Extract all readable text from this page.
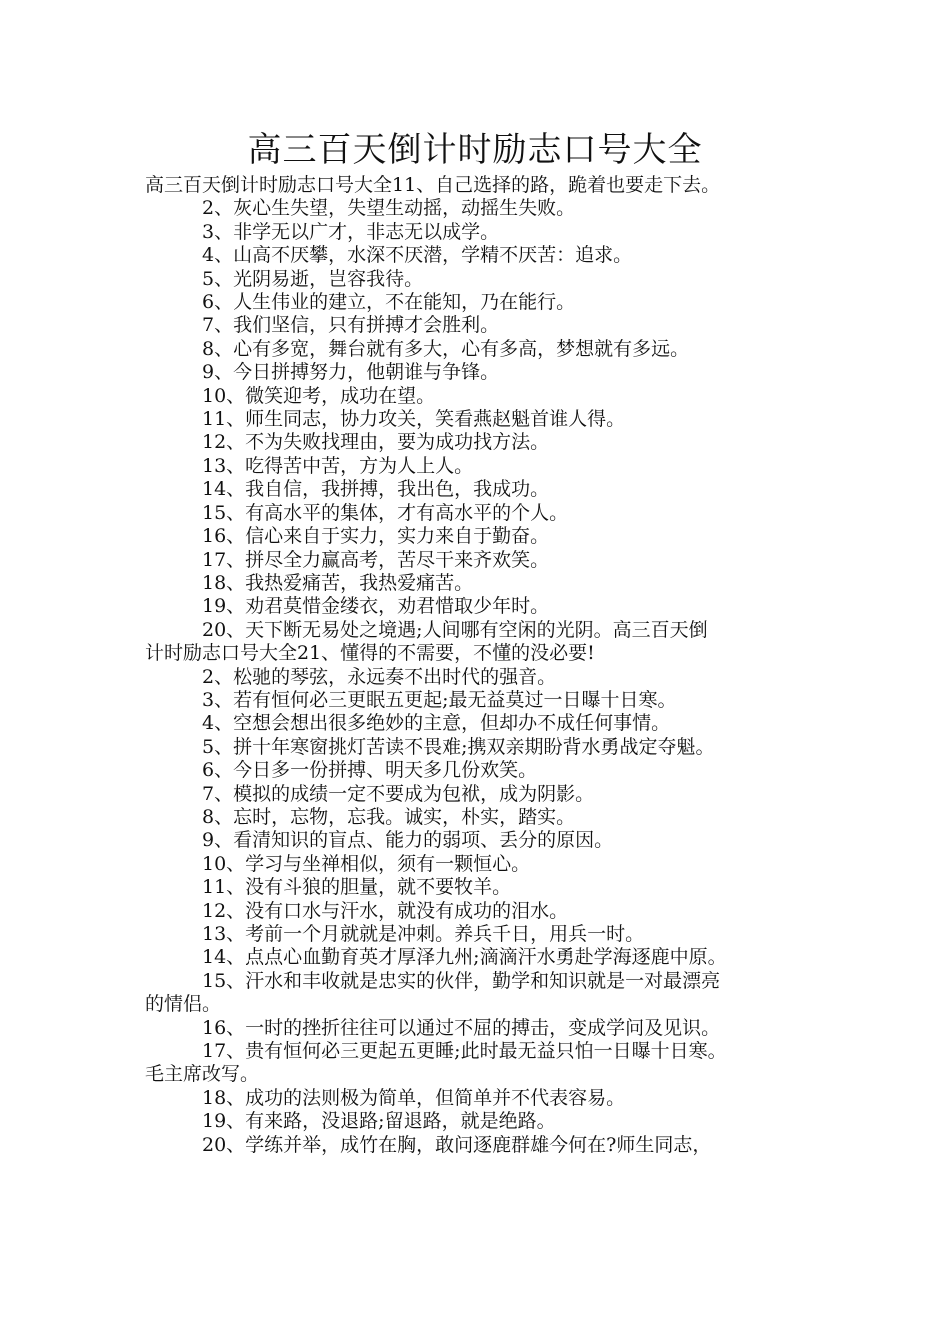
高三百天倒计时励志口号大全

高三百天倒计时励志口号大全11、自己选择的路，跪着也要走下去。

2、灰心生失望，失望生动摇，动摇生失败。

3、非学无以广才，非志无以成学。

4、山高不厌攀，水深不厌潜，学精不厌苦：追求。

5、光阴易逝，岂容我待。

6、人生伟业的建立，不在能知，乃在能行。

7、我们坚信，只有拼搏才会胜利。

8、心有多宽，舞台就有多大，心有多高，梦想就有多远。

9、今日拼搏努力，他朝谁与争锋。

10、微笑迎考，成功在望。

11、师生同志，协力攻关，笑看燕赵魁首谁人得。

12、不为失败找理由，要为成功找方法。

13、吃得苦中苦，方为人上人。

14、我自信，我拼搏，我出色，我成功。

15、有高水平的集体，才有高水平的个人。

16、信心来自于实力，实力来自于勤奋。

17、拼尽全力赢高考，苦尽干来齐欢笑。

18、我热爱痛苦，我热爱痛苦。

19、劝君莫惜金缕衣，劝君惜取少年时。

20、天下断无易处之境遇;人间哪有空闲的光阴。高三百天倒

计时励志口号大全21、懂得的不需要，不懂的没必要!

2、松驰的琴弦，永远奏不出时代的强音。

3、若有恒何必三更眠五更起;最无益莫过一日曝十日寒。

4、空想会想出很多绝妙的主意，但却办不成任何事情。

5、拼十年寒窗挑灯苦读不畏难;携双亲期盼背水勇战定夺魁。

6、今日多一份拼搏、明天多几份欢笑。

7、模拟的成绩一定不要成为包袱，成为阴影。

8、忘时，忘物，忘我。诚实，朴实，踏实。

9、看清知识的盲点、能力的弱项、丢分的原因。

10、学习与坐禅相似，须有一颗恒心。

11、没有斗狼的胆量，就不要牧羊。

12、没有口水与汗水，就没有成功的泪水。

13、考前一个月就就是冲刺。养兵千日，用兵一时。

14、点点心血勤育英才厚泽九州;滴滴汗水勇赴学海逐鹿中原。

15、汗水和丰收就是忠实的伙伴，勤学和知识就是一对最漂亮

的情侣。

16、一时的挫折往往可以通过不屈的搏击，变成学问及见识。

17、贵有恒何必三更起五更睡;此时最无益只怕一日曝十日寒。

毛主席改写。

18、成功的法则极为简单，但简单并不代表容易。

19、有来路，没退路;留退路，就是绝路。

20、学练并举，成竹在胸，敢问逐鹿群雄今何在?师生同志，
